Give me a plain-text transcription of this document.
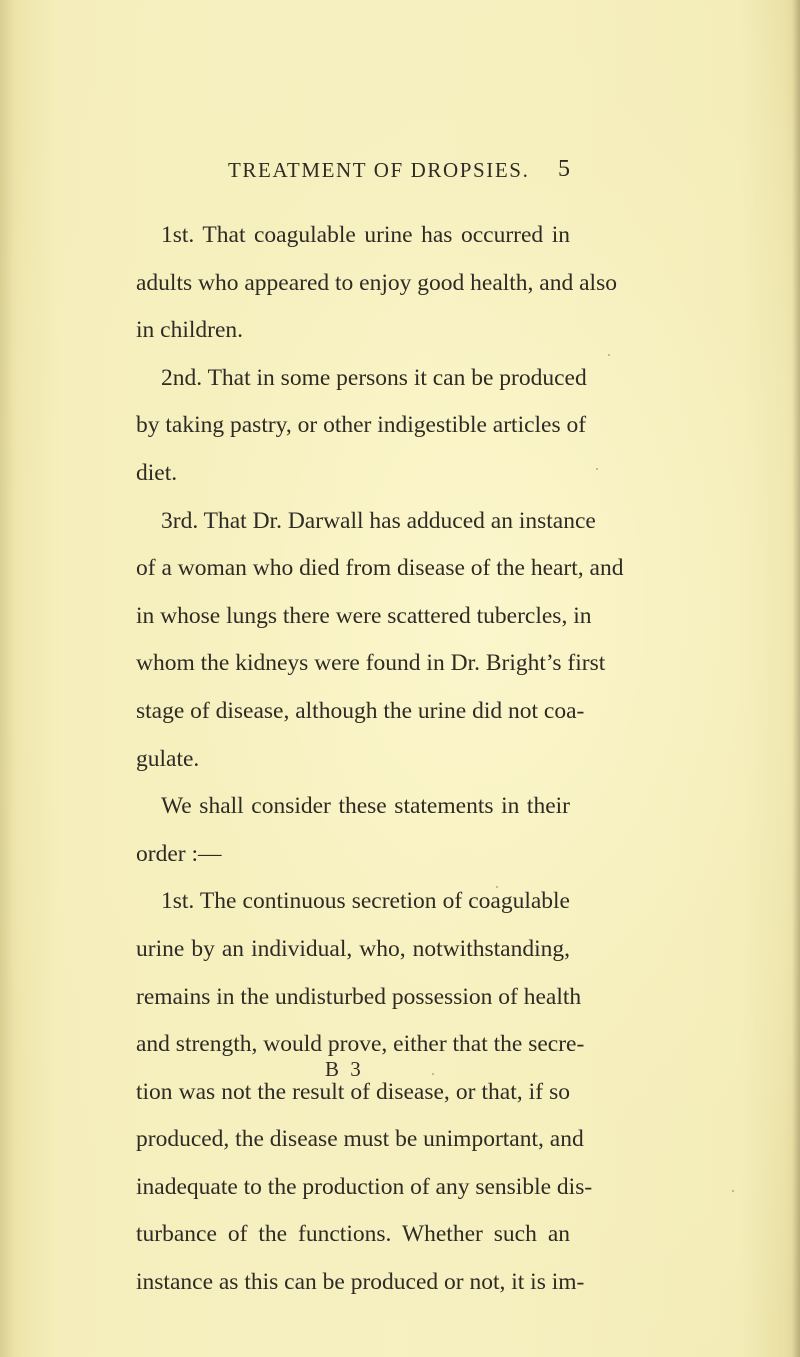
TREATMENT OF DROPSIES. 5
1st. That coagulable urine has occurred in
adults who appeared to enjoy good health, and also
in children.
2nd. That in some persons it can be produced
by taking pastry, or other indigestible articles of
diet.
3rd. That Dr. Darwall has adduced an instance
of a woman who died from disease of the heart, and
in whose lungs there were scattered tubercles, in
whom the kidneys were found in Dr. Bright’s first
stage of disease, although the urine did not coa-
gulate.
We shall consider these statements in their
order :—
1st. The continuous secretion of coagulable
urine by an individual, who, notwithstanding,
remains in the undisturbed possession of health
and strength, would prove, either that the secre-
tion was not the result of disease, or that, if so
produced, the disease must be unimportant, and
inadequate to the production of any sensible dis-
turbance of the functions. Whether such an
instance as this can be produced or not, it is im-
B 3
